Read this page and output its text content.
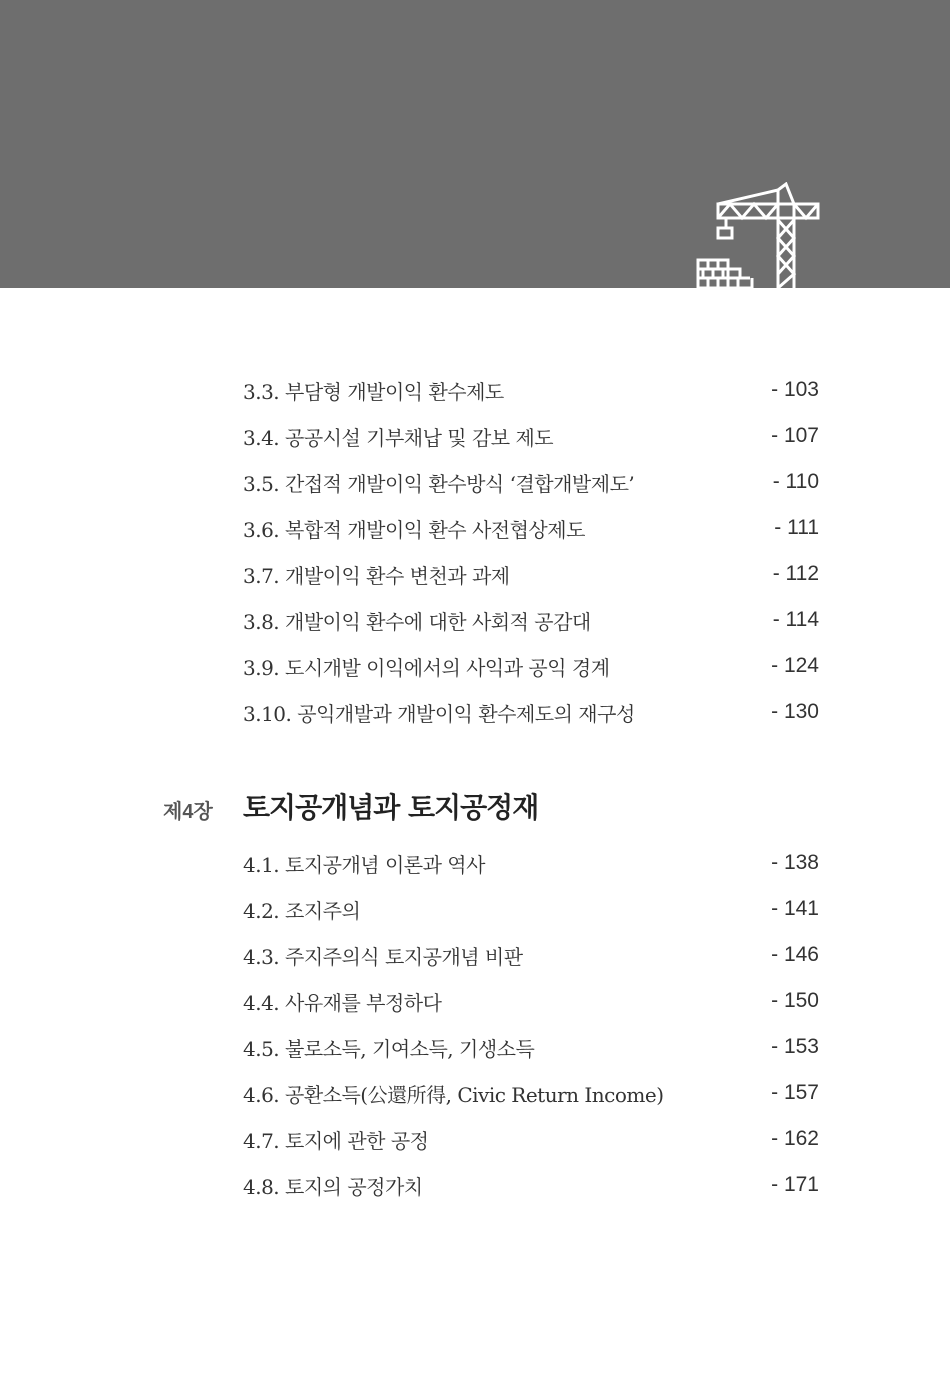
3.3. 부담형 개발이익 환수제도	- 103
3.4. 공공시설 기부채납 및 감보 제도	- 107
3.5. 간접적 개발이익 환수방식 ‘결합개발제도’	- 110
3.6. 복합적 개발이익 환수 사전협상제도	- 111
3.7. 개발이익 환수 변천과 과제	- 112
3.8. 개발이익 환수에 대한 사회적 공감대	- 114
3.9. 도시개발 이익에서의 사익과 공익 경계	- 124
3.10. 공익개발과 개발이익 환수제도의 재구성	- 130
제4장 토지공개념과 토지공정재
4.1. 토지공개념 이론과 역사	- 138
4.2. 조지주의	- 141
4.3. 주지주의식 토지공개념 비판	- 146
4.4. 사유재를 부정하다	- 150
4.5. 불로소득, 기여소득, 기생소득	- 153
4.6. 공환소득(公還所得, Civic Return Income)	- 157
4.7. 토지에 관한 공정	- 162
4.8. 토지의 공정가치	- 171
